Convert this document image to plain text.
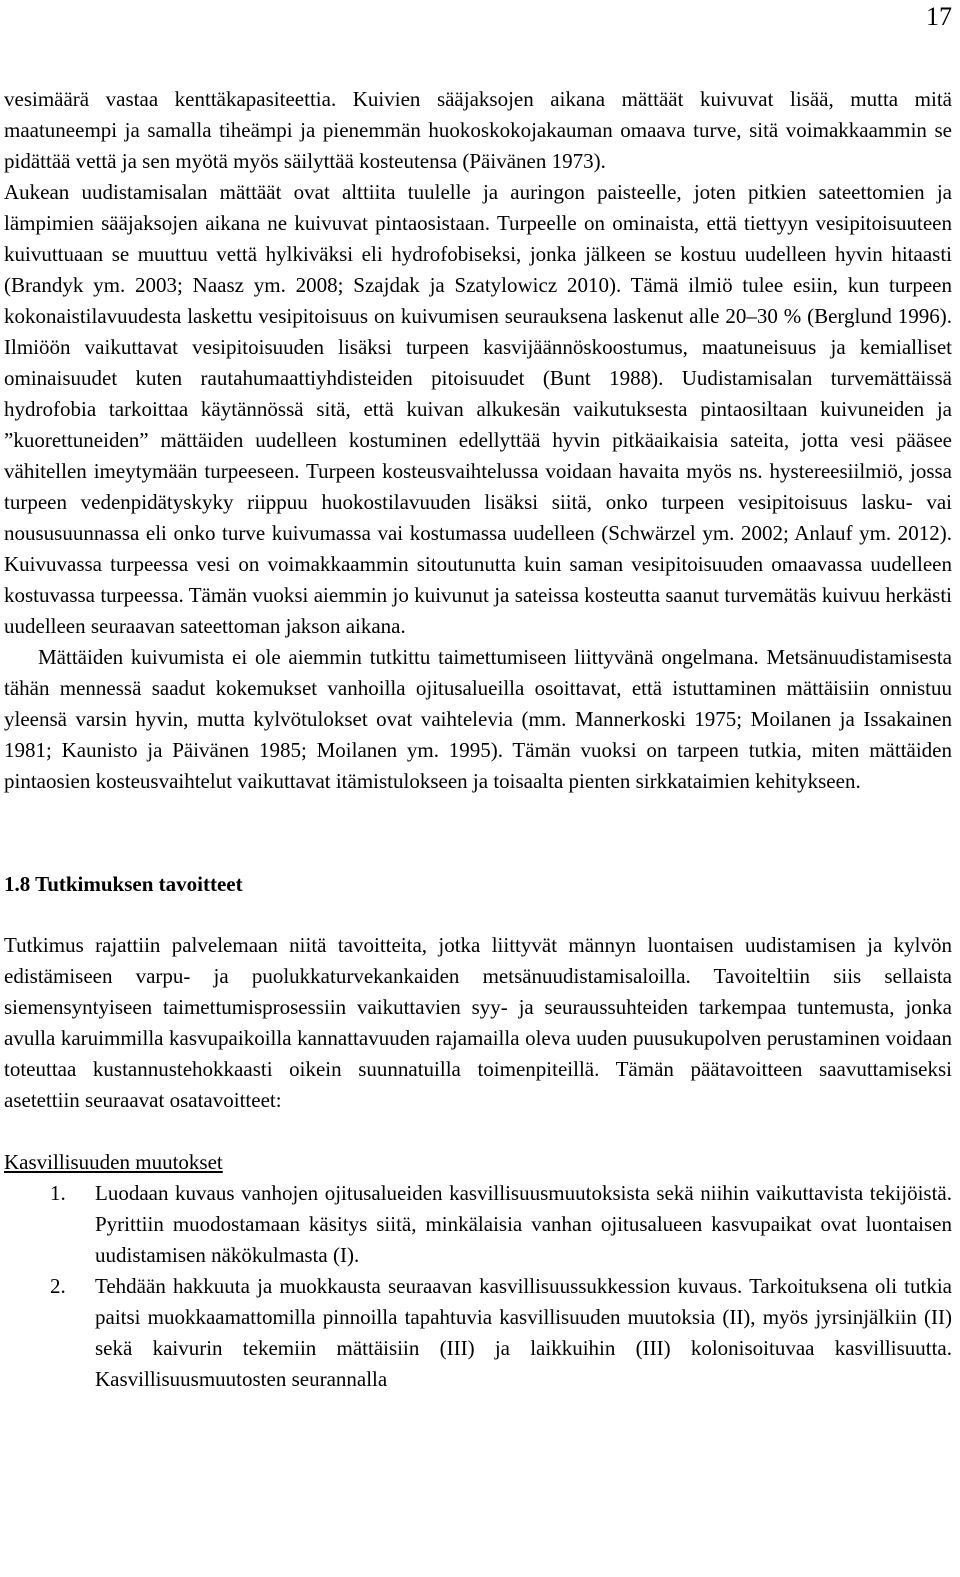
17

vesimäärä vastaa kenttäkapasiteettia. Kuivien sääjaksojen aikana mättäät kuivuvat lisää, mutta mitä maatuneempi ja samalla tiheämpi ja pienemmän huokoskokojakauman omaava turve, sitä voimakkaammin se pidättää vettä ja sen myötä myös säilyttää kosteutensa (Päivänen 1973).

Aukean uudistamisalan mättäät ovat alttiita tuulelle ja auringon paisteelle, joten pitkien sateettomien ja lämpimien sääjaksojen aikana ne kuivuvat pintaosistaan. Turpeelle on ominaista, että tiettyyn vesipitoisuuteen kuivuttuaan se muuttuu vettä hylkiväksi eli hydrofobiseksi, jonka jälkeen se kostuu uudelleen hyvin hitaasti (Brandyk ym. 2003; Naasz ym. 2008; Szajdak ja Szatylowicz 2010). Tämä ilmiö tulee esiin, kun turpeen kokonaistilavuudesta laskettu vesipitoisuus on kuivumisen seurauksena laskenut alle 20–30 % (Berglund 1996). Ilmiöön vaikuttavat vesipitoisuuden lisäksi turpeen kasvijäännöskoostumus, maatuneisuus ja kemialliset ominaisuudet kuten rautahumaattiyhdisteiden pitoisuudet (Bunt 1988). Uudistamisalan turvemättäissä hydrofobia tarkoittaa käytännössä sitä, että kuivan alkukesän vaikutuksesta pintaosiltaan kuivuneiden ja ”kuorettuneiden” mättäiden uudelleen kostuminen edellyttää hyvin pitkäaikaisia sateita, jotta vesi pääsee vähitellen imeytymään turpeeseen. Turpeen kosteusvaihtelussa voidaan havaita myös ns. hystereesiilmiö, jossa turpeen vedenpidätyskyky riippuu huokostilavuuden lisäksi siitä, onko turpeen vesipitoisuus lasku- vai noususuunnassa eli onko turve kuivumassa vai kostumassa uudelleen (Schwärzel ym. 2002; Anlauf ym. 2012). Kuivuvassa turpeessa vesi on voimakkaammin sitoutunutta kuin saman vesipitoisuuden omaavassa uudelleen kostuvassa turpeessa. Tämän vuoksi aiemmin jo kuivunut ja sateissa kosteutta saanut turvemätäs kuivuu herkästi uudelleen seuraavan sateettoman jakson aikana.

Mättäiden kuivumista ei ole aiemmin tutkittu taimettumiseen liittyvänä ongelmana. Metsänuudistamisesta tähän mennessä saadut kokemukset vanhoilla ojitusalueilla osoittavat, että istuttaminen mättäisiin onnistuu yleensä varsin hyvin, mutta kylvötulokset ovat vaihtelevia (mm. Mannerkoski 1975; Moilanen ja Issakainen 1981; Kaunisto ja Päivänen 1985; Moilanen ym. 1995). Tämän vuoksi on tarpeen tutkia, miten mättäiden pintaosien kosteusvaihtelut vaikuttavat itämistulokseen ja toisaalta pienten sirkkataimien kehitykseen.

1.8 Tutkimuksen tavoitteet

Tutkimus rajattiin palvelemaan niitä tavoitteita, jotka liittyvät männyn luontaisen uudistamisen ja kylvön edistämiseen varpu- ja puolukkaturvekankaiden metsänuudistamisaloilla. Tavoiteltiin siis sellaista siemensyntyiseen taimettumisprosessiin vaikuttavien syy- ja seuraussuhteiden tarkempaa tuntemusta, jonka avulla karuimmilla kasvupaikoilla kannattavuuden rajamailla oleva uuden puusukupolven perustaminen voidaan toteuttaa kustannustehokkaasti oikein suunnatuilla toimenpiteillä. Tämän päätavoitteen saavuttamiseksi asetettiin seuraavat osatavoitteet:

Kasvillisuuden muutokset
1. Luodaan kuvaus vanhojen ojitusalueiden kasvillisuusmuutoksista sekä niihin vaikuttavista tekijöistä. Pyrittiin muodostamaan käsitys siitä, minkälaisia vanhan ojitusalueen kasvupaikat ovat luontaisen uudistamisen näkökulmasta (I).
2. Tehdään hakkuuta ja muokkausta seuraavan kasvillisuussukkession kuvaus. Tarkoituksena oli tutkia paitsi muokkaamattomilla pinnoilla tapahtuvia kasvillisuuden muutoksia (II), myös jyrsinjälkiin (II) sekä kaivurin tekemiin mättäisiin (III) ja laikkuihin (III) kolonisoituvaa kasvillisuutta. Kasvillisuusmuutosten seurannalla
